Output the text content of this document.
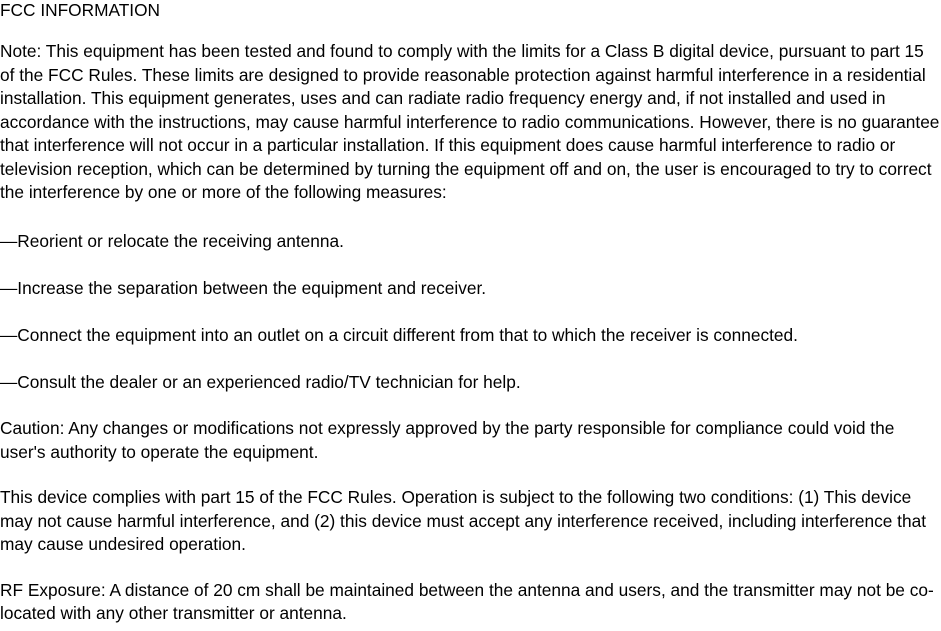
FCC INFORMATION

Note: This equipment has been tested and found to comply with the limits for a Class B digital device, pursuant to part 15 of the FCC Rules. These limits are designed to provide reasonable protection against harmful interference in a residential installation. This equipment generates, uses and can radiate radio frequency energy and, if not installed and used in accordance with the instructions, may cause harmful interference to radio communications. However, there is no guarantee that interference will not occur in a particular installation. If this equipment does cause harmful interference to radio or television reception, which can be determined by turning the equipment off and on, the user is encouraged to try to correct the interference by one or more of the following measures:

—Reorient or relocate the receiving antenna.

—Increase the separation between the equipment and receiver.

—Connect the equipment into an outlet on a circuit different from that to which the receiver is connected.

—Consult the dealer or an experienced radio/TV technician for help.

Caution: Any changes or modifications not expressly approved by the party responsible for compliance could void the user's authority to operate the equipment.

This device complies with part 15 of the FCC Rules. Operation is subject to the following two conditions: (1) This device may not cause harmful interference, and (2) this device must accept any interference received, including interference that may cause undesired operation.

RF Exposure: A distance of 20 cm shall be maintained between the antenna and users, and the transmitter may not be co-located with any other transmitter or antenna.
